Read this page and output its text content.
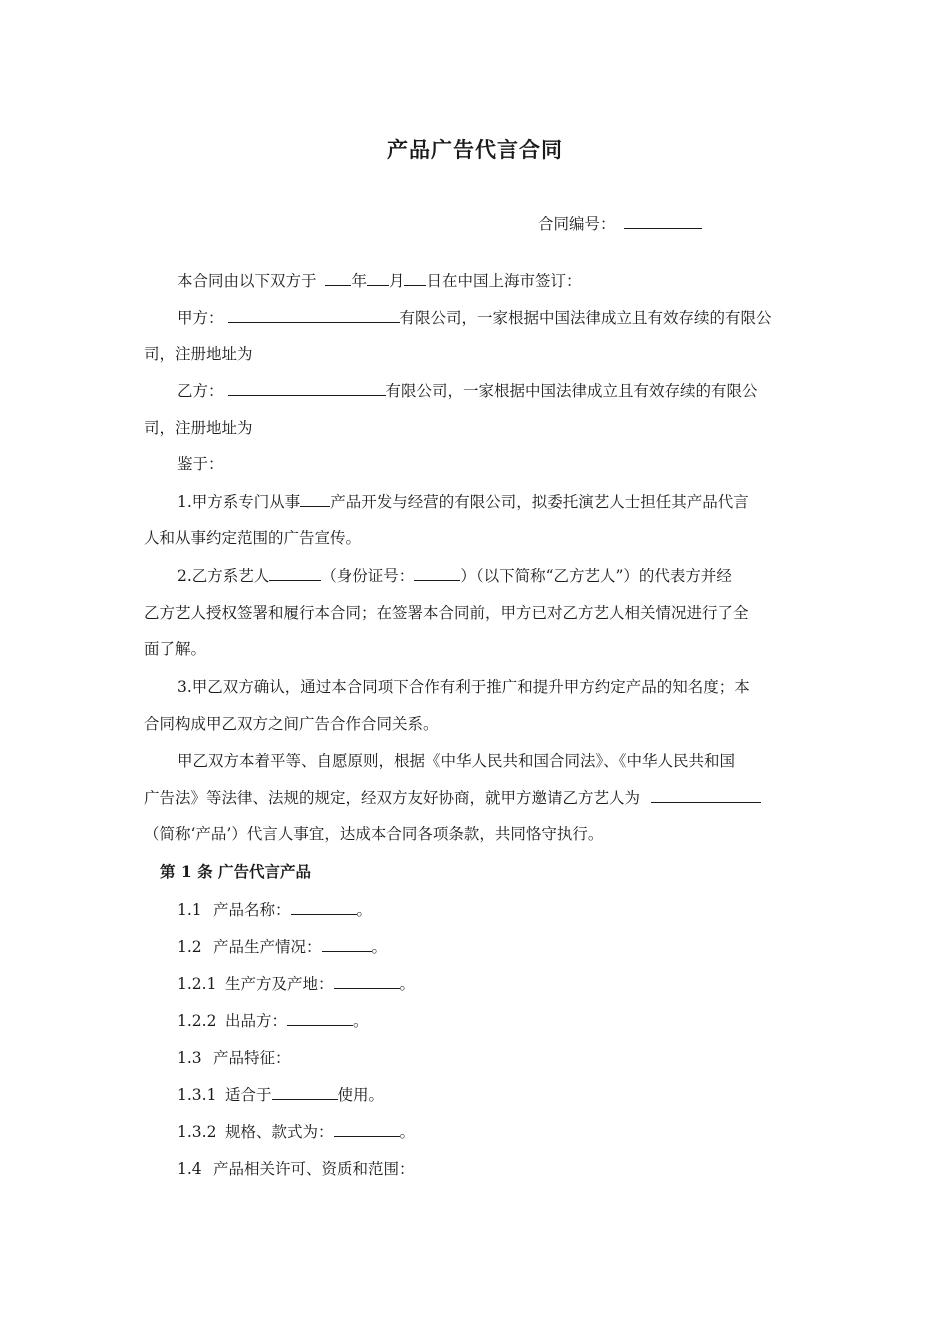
产品广告代言合同
合同编号：
本合同由以下双方于 年 月 日在中国上海市签订：
甲方：	有限公司，一家根据中国法律成立且有效存续的有限公
司，注册地址为
乙方：	有限公司，一家根据中国法律成立且有效存续的有限公
司，注册地址为
鉴于：
1.甲方系专门从事 产品开发与经营的有限公司，拟委托演艺人士担任其产品代言
人和从事约定范围的广告宣传。
2.乙方系艺人	（身份证号：	）（以下简称“乙方艺人”）的代表方并经
乙方艺人授权签署和履行本合同；在签署本合同前，甲方已对乙方艺人相关情况进行了全
面了解。
3.甲乙双方确认，通过本合同项下合作有利于推广和提升甲方约定产品的知名度；本
合同构成甲乙双方之间广告合作合同关系。
甲乙双方本着平等、自愿原则，根据《中华人民共和国合同法》、《中华人民共和国
广告法》等法律、法规的规定，经双方友好协商，就甲方邀请乙方艺人为
（简称‘产品’）代言人事宜，达成本合同各项条款，共同恪守执行。
第 1 条 广告代言产品
1.1 产品名称：	。
1.2 产品生产情况：	。
1.2.1 生产方及产地：	。
1.2.2 出品方：	。
1.3 产品特征：
1.3.1 适合于	使用。
1.3.2 规格、款式为：	。
1.4 产品相关许可、资质和范围：
